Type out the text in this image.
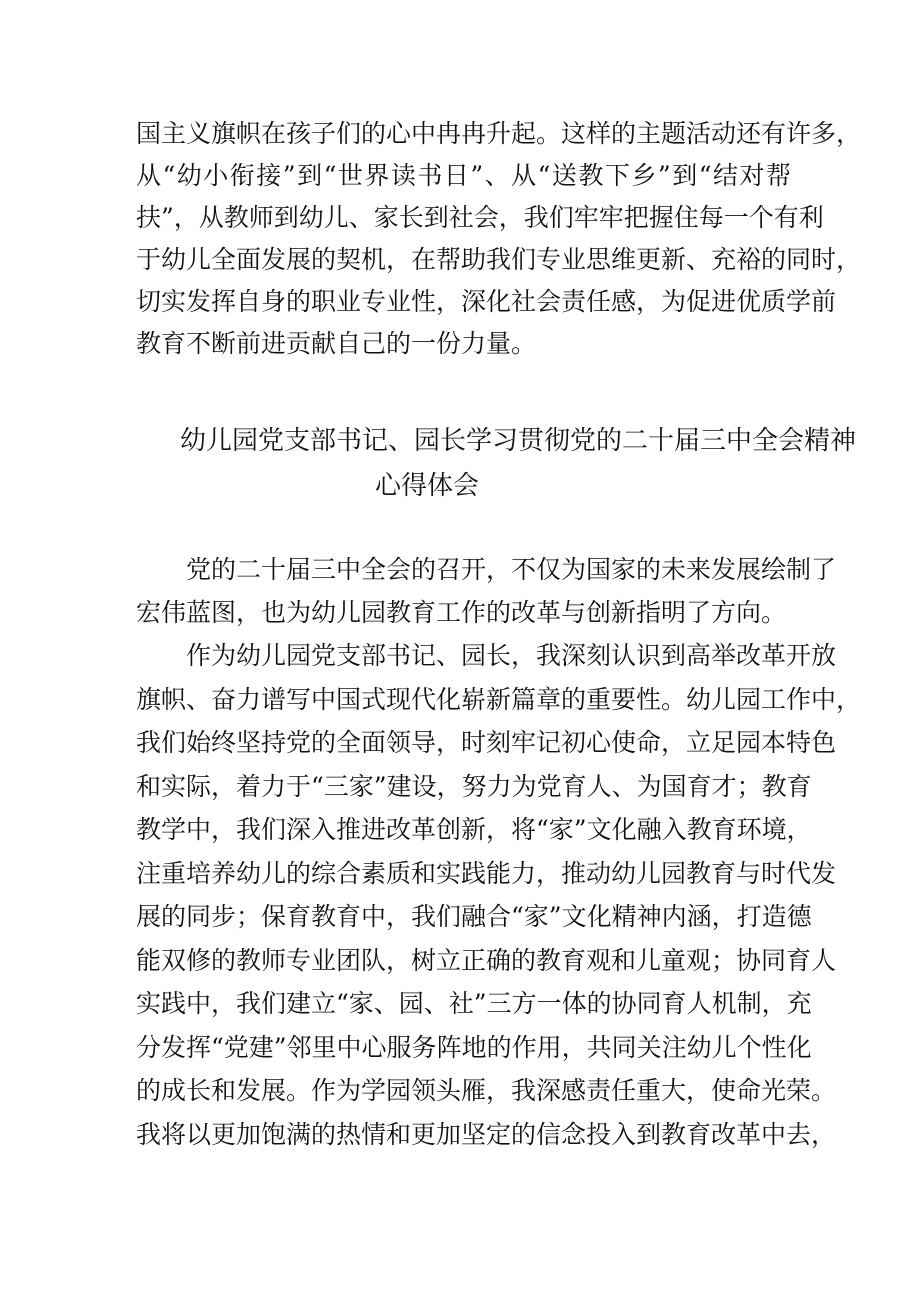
国主义旗帜在孩子们的心中冉冉升起。这样的主题活动还有许多，
从“幼小衔接”到“世界读书日”、从“送教下乡”到“结对帮
扶”，从教师到幼儿、家长到社会，我们牢牢把握住每一个有利
于幼儿全面发展的契机，在帮助我们专业思维更新、充裕的同时，
切实发挥自身的职业专业性，深化社会责任感，为促进优质学前
教育不断前进贡献自己的一份力量。
幼儿园党支部书记、园长学习贯彻党的二十届三中全会精神
心得体会
党的二十届三中全会的召开，不仅为国家的未来发展绘制了
宏伟蓝图，也为幼儿园教育工作的改革与创新指明了方向。
作为幼儿园党支部书记、园长，我深刻认识到高举改革开放
旗帜、奋力谱写中国式现代化崭新篇章的重要性。幼儿园工作中，
我们始终坚持党的全面领导，时刻牢记初心使命，立足园本特色
和实际，着力于“三家”建设，努力为党育人、为国育才；教育
教学中，我们深入推进改革创新，将“家”文化融入教育环境，
注重培养幼儿的综合素质和实践能力，推动幼儿园教育与时代发
展的同步；保育教育中，我们融合“家”文化精神内涵，打造德
能双修的教师专业团队，树立正确的教育观和儿童观；协同育人
实践中，我们建立“家、园、社”三方一体的协同育人机制，充
分发挥“党建”邻里中心服务阵地的作用，共同关注幼儿个性化
的成长和发展。作为学园领头雁，我深感责任重大，使命光荣。
我将以更加饱满的热情和更加坚定的信念投入到教育改革中去，
